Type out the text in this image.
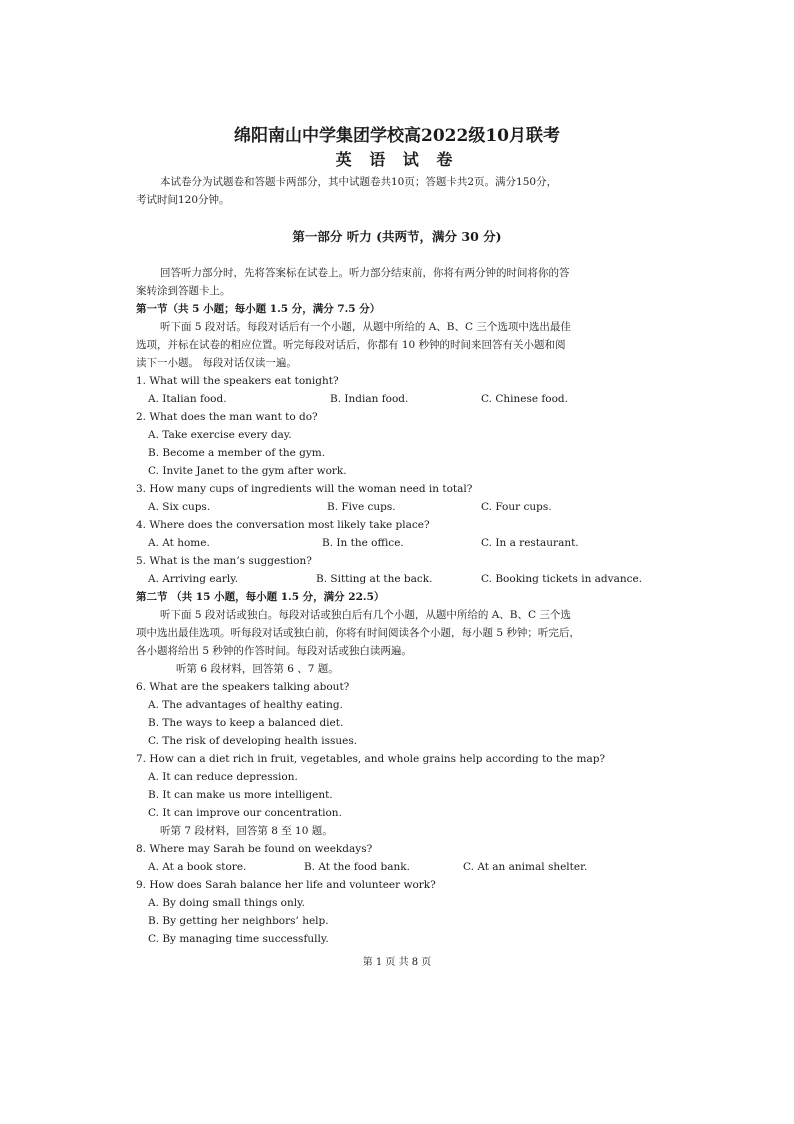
绵阳南山中学集团学校高2022级10月联考
英 语 试 卷
本试卷分为试题卷和答题卡两部分，其中试题卷共10页；答题卡共2页。满分150分，
考试时间120分钟。
第一部分 听力 (共两节，满分 30 分)
回答听力部分时，先将答案标在试卷上。听力部分结束前，你将有两分钟的时间将你的答
案转涂到答题卡上。
第一节（共 5 小题；每小题 1.5 分，满分 7.5 分）
听下面 5 段对话。每段对话后有一个小题，从题中所给的 A、B、C 三个选项中选出最佳
选项，并标在试卷的相应位置。听完每段对话后，你都有 10 秒钟的时间来回答有关小题和阅
读下一小题。 每段对话仅读一遍。
1. What will the speakers eat tonight?
A. Italian food.	B. Indian food.	C. Chinese food.
2. What does the man want to do?
A. Take exercise every day.
B. Become a member of the gym.
C. Invite Janet to the gym after work.
3. How many cups of ingredients will the woman need in total?
A. Six cups.	B. Five cups.	C. Four cups.
4. Where does the conversation most likely take place?
A. At home.	B. In the office.	C. In a restaurant.
5. What is the man’s suggestion?
A. Arriving early.	B. Sitting at the back.	C. Booking tickets in advance.
第二节 （共 15 小题，每小题 1.5 分，满分 22.5）
听下面 5 段对话或独白。每段对话或独白后有几个小题，从题中所给的 A、B、C 三个选
项中选出最佳选项。听每段对话或独白前，你将有时间阅读各个小题，每小题 5 秒钟；听完后，
各小题将给出 5 秒钟的作答时间。每段对话或独白读两遍。
听第 6 段材料，回答第 6 、7 题。
6. What are the speakers talking about?
A. The advantages of healthy eating.
B. The ways to keep a balanced diet.
C. The risk of developing health issues.
7. How can a diet rich in fruit, vegetables, and whole grains help according to the map?
A. It can reduce depression.
B. It can make us more intelligent.
C. It can improve our concentration.
听第 7 段材料，回答第 8 至 10 题。
8. Where may Sarah be found on weekdays?
A. At a book store.	B. At the food bank.	C. At an animal shelter.
9. How does Sarah balance her life and volunteer work?
A. By doing small things only.
B. By getting her neighbors’ help.
C. By managing time successfully.
第 1 页 共 8 页
